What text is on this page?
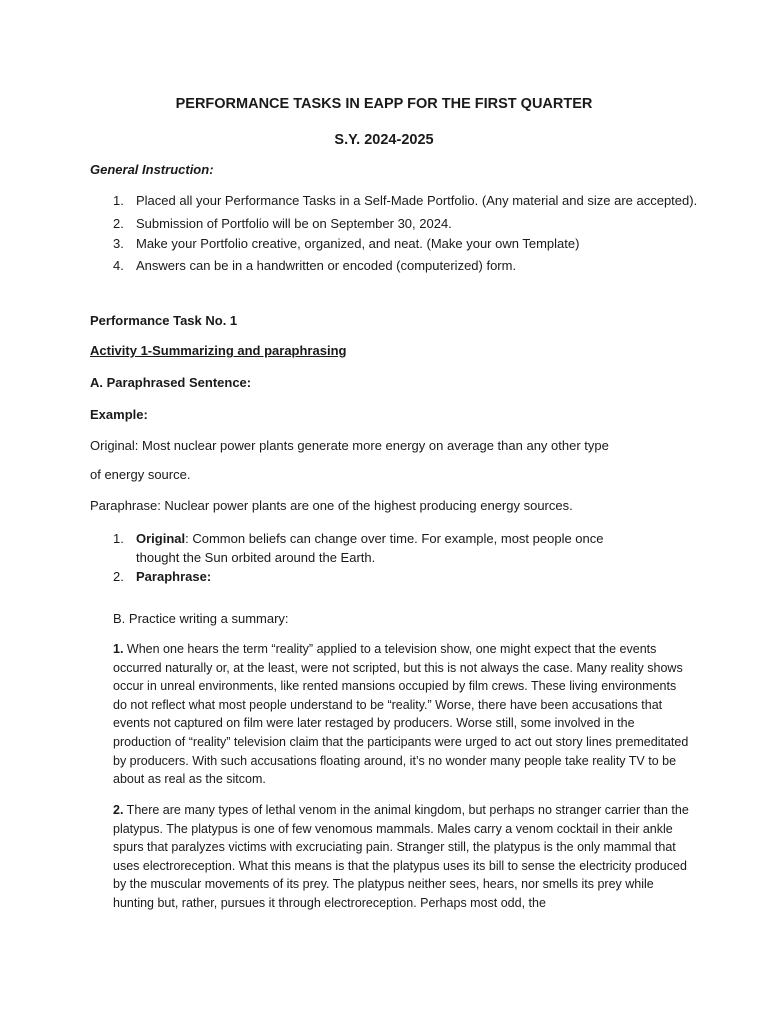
PERFORMANCE TASKS IN EAPP FOR THE FIRST QUARTER

S.Y. 2024-2025

General Instruction:

1. Placed all your Performance Tasks in a Self-Made Portfolio. (Any material and size are accepted).

2. Submission of Portfolio will be on September 30, 2024.

3. Make your Portfolio creative, organized, and neat. (Make your own Template)

4. Answers can be in a handwritten or encoded (computerized) form.

Performance Task No. 1

Activity 1-Summarizing and paraphrasing

A. Paraphrased Sentence:

Example:

Original: Most nuclear power plants generate more energy on average than any other type

of energy source.

Paraphrase: Nuclear power plants are one of the highest producing energy sources.

1. Original: Common beliefs can change over time. For example, most people once

thought the Sun orbited around the Earth.

2. Paraphrase:

B. Practice writing a summary:

1. When one hears the term “reality” applied to a television show, one might expect that the events occurred naturally or, at the least, were not scripted, but this is not always the case. Many reality shows occur in unreal environments, like rented mansions occupied by film crews. These living environments do not reflect what most people understand to be “reality.” Worse, there have been accusations that events not captured on film were later restaged by producers. Worse still, some involved in the production of “reality” television claim that the participants were urged to act out story lines premeditated by producers. With such accusations floating around, it’s no wonder many people take reality TV to be about as real as the sitcom.

2. There are many types of lethal venom in the animal kingdom, but perhaps no stranger carrier than the platypus. The platypus is one of few venomous mammals. Males carry a venom cocktail in their ankle spurs that paralyzes victims with excruciating pain. Stranger still, the platypus is the only mammal that uses electroreception. What this means is that the platypus uses its bill to sense the electricity produced by the muscular movements of its prey. The platypus neither sees, hears, nor smells its prey while hunting but, rather, pursues it through electroreception. Perhaps most odd, the
